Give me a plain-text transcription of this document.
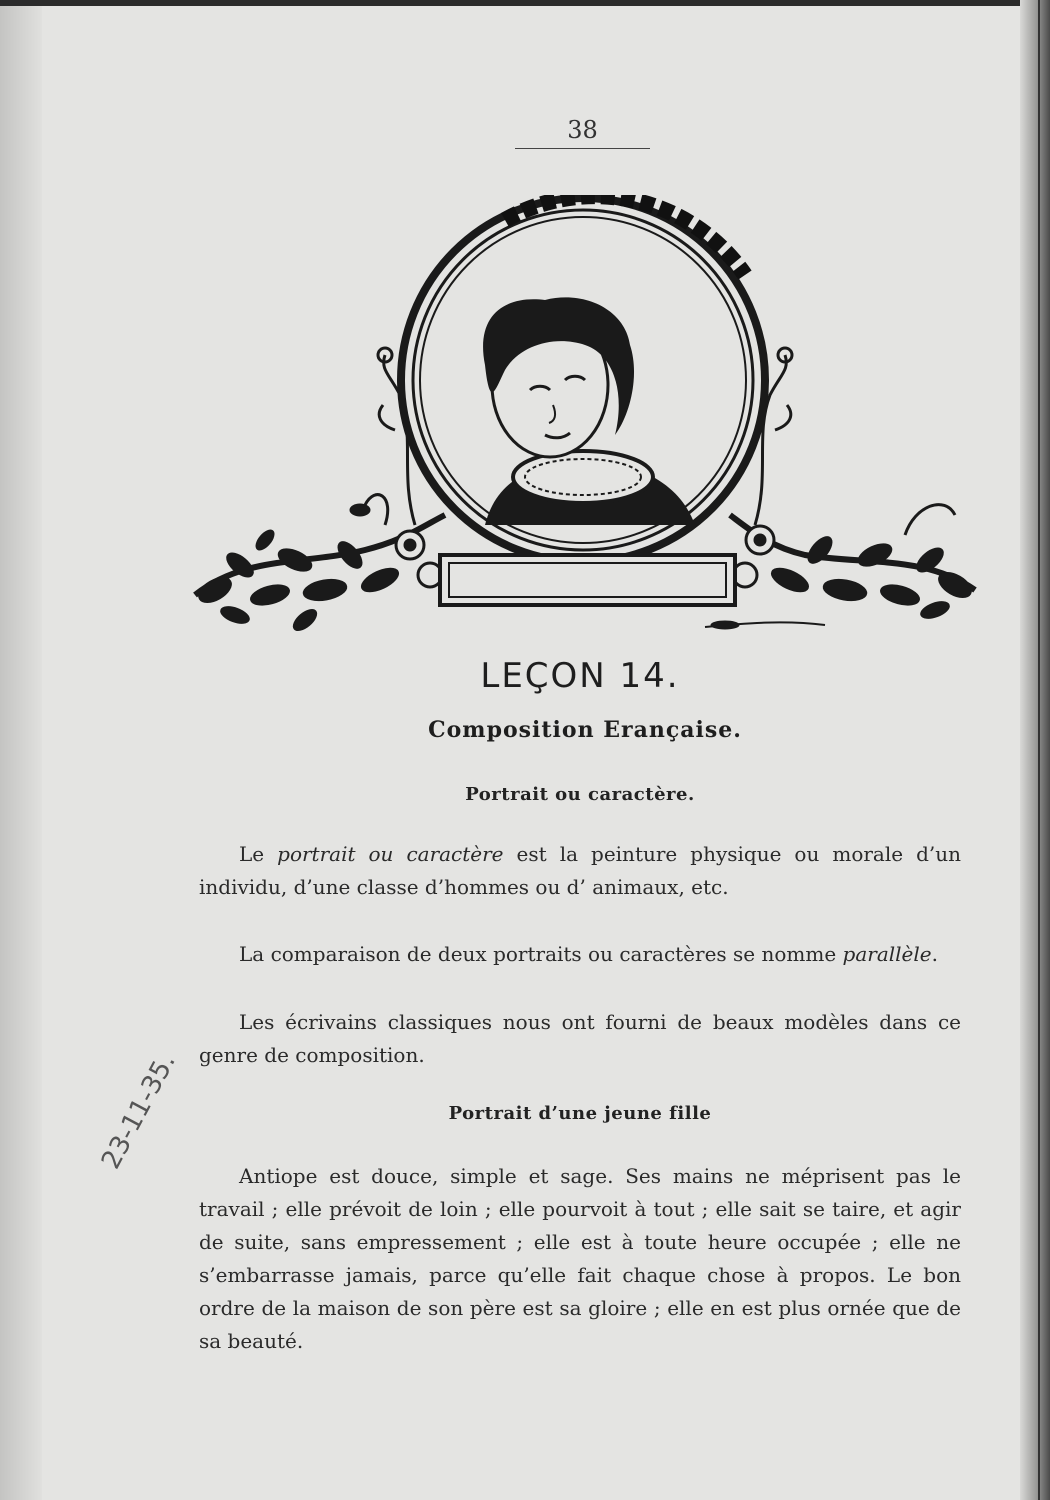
38
LEÇON 14.
Composition Erançaise.
Portrait ou caractère.

Le portrait ou caractère est la peinture physique ou morale d’un individu, d’une classe d’hommes ou d’ animaux, etc.

La comparaison de deux portraits ou caractères se nomme parallèle.

Les écrivains classiques nous ont fourni de beaux modèles dans ce genre de composition.

Portrait d’une jeune fille

Antiope est douce, simple et sage. Ses mains ne méprisent pas le travail ; elle prévoit de loin ; elle pourvoit à tout ; elle sait se taire, et agir de suite, sans empressement ; elle est à toute heure occupée ; elle ne s’embarrasse jamais, parce qu’elle fait chaque chose à propos. Le bon ordre de la maison de son père est sa gloire ; elle en est plus ornée que de sa beauté.

23-11-35.
